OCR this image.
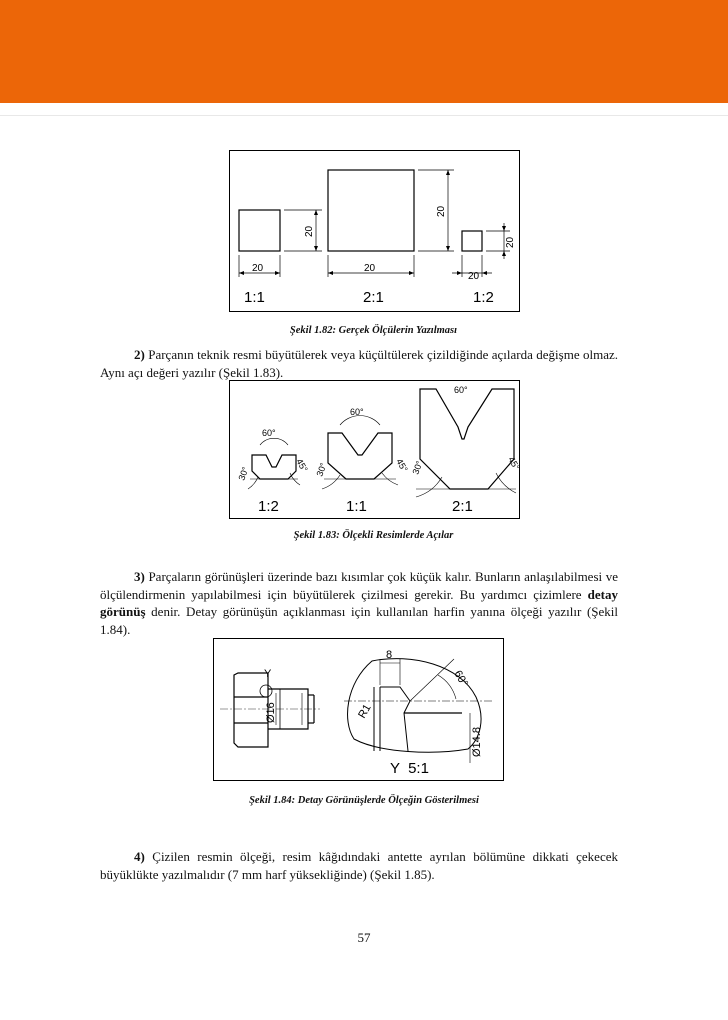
20	20
20
20
20
20
1:1	2:1	1:2
Şekil 1.82: Gerçek Ölçülerin Yazılması
2) Parçanın teknik resmi büyütülerek veya küçültülerek çizildiğinde açılarda değişme olmaz. Aynı açı değeri yazılır (Şekil 1.83).
60°
60°
60°
30°	45° 30°	45° 30°	45°
1:2	1:1	2:1
Şekil 1.83: Ölçekli Resimlerde Açılar
3) Parçaların görünüşleri üzerinde bazı kısımlar çok küçük kalır. Bunların anlaşılabilmesi ve ölçülendirmenin yapılabilmesi için büyütülerek çizilmesi gerekir. Bu yardımcı çizimlere detay görünüş denir. Detay görünüşün açıklanması için kullanılan harfin yanına ölçeği yazılır (Şekil 1.84).
Y
Ø16
8
60°
R1
Ø14.8
Y  5:1
Şekil 1.84: Detay Görünüşlerde Ölçeğin Gösterilmesi
4) Çizilen resmin ölçeği, resim kâğıdındaki antette ayrılan bölümüne dikkati çekecek büyüklükte yazılmalıdır (7 mm harf yüksekliğinde) (Şekil 1.85).
57
